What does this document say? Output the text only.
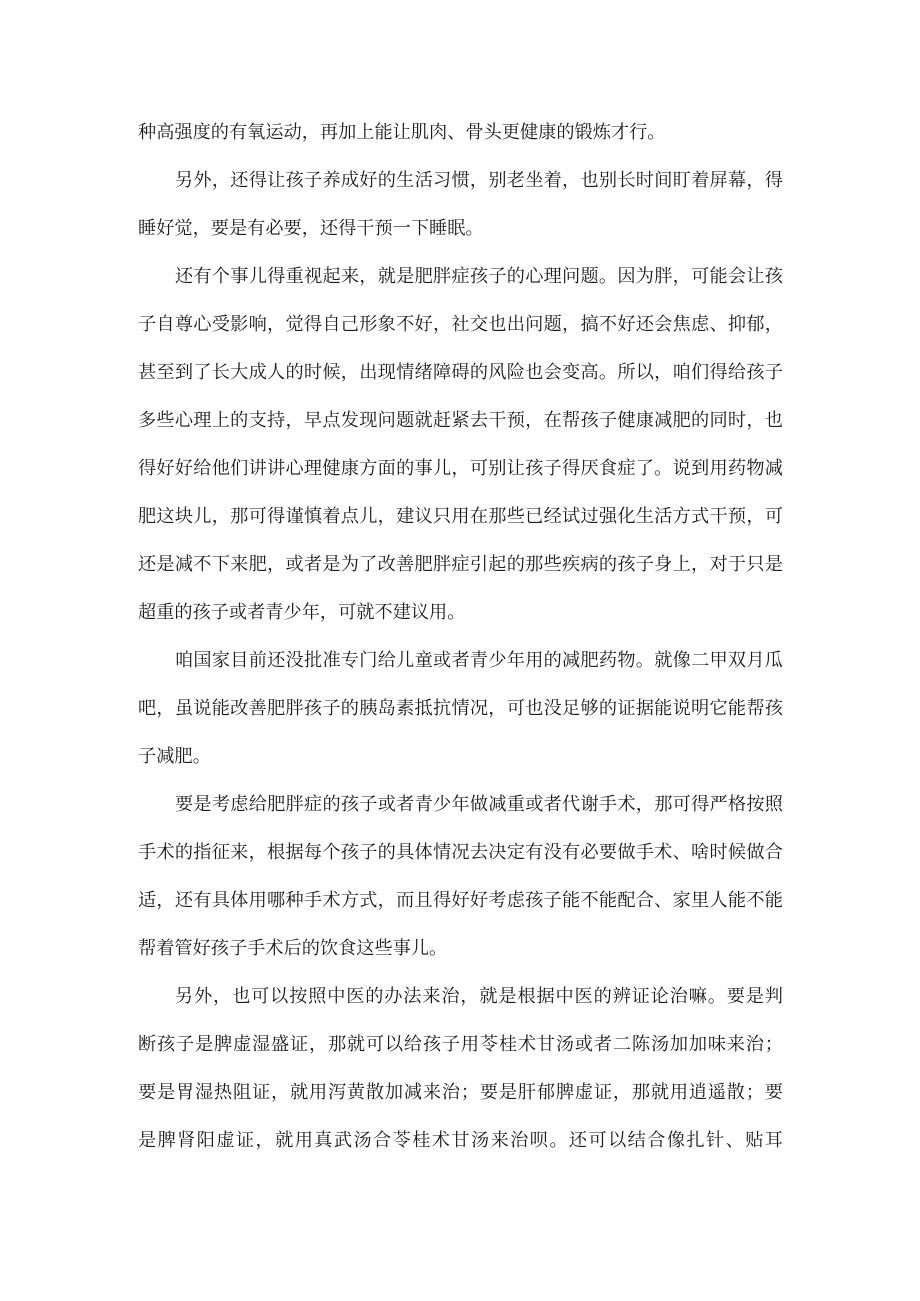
种高强度的有氧运动，再加上能让肌肉、骨头更健康的锻炼才行。
另外，还得让孩子养成好的生活习惯，别老坐着，也别长时间盯着屏幕，得
睡好觉，要是有必要，还得干预一下睡眠。
还有个事儿得重视起来，就是肥胖症孩子的心理问题。因为胖，可能会让孩
子自尊心受影响，觉得自己形象不好，社交也出问题，搞不好还会焦虑、抑郁，
甚至到了长大成人的时候，出现情绪障碍的风险也会变高。所以，咱们得给孩子
多些心理上的支持，早点发现问题就赶紧去干预，在帮孩子健康减肥的同时，也
得好好给他们讲讲心理健康方面的事儿，可别让孩子得厌食症了。说到用药物减
肥这块儿，那可得谨慎着点儿，建议只用在那些已经试过强化生活方式干预，可
还是减不下来肥，或者是为了改善肥胖症引起的那些疾病的孩子身上，对于只是
超重的孩子或者青少年，可就不建议用。
咱国家目前还没批准专门给儿童或者青少年用的减肥药物。就像二甲双月瓜
吧，虽说能改善肥胖孩子的胰岛素抵抗情况，可也没足够的证据能说明它能帮孩
子减肥。
要是考虑给肥胖症的孩子或者青少年做减重或者代谢手术，那可得严格按照
手术的指征来，根据每个孩子的具体情况去决定有没有必要做手术、啥时候做合
适，还有具体用哪种手术方式，而且得好好考虑孩子能不能配合、家里人能不能
帮着管好孩子手术后的饮食这些事儿。
另外，也可以按照中医的办法来治，就是根据中医的辨证论治嘛。要是判
断孩子是脾虚湿盛证，那就可以给孩子用苓桂术甘汤或者二陈汤加加味来治；
要是胃湿热阻证，就用泻黄散加减来治；要是肝郁脾虚证，那就用逍遥散；要
是脾肾阳虚证，就用真武汤合苓桂术甘汤来治呗。还可以结合像扎针、贴耳
